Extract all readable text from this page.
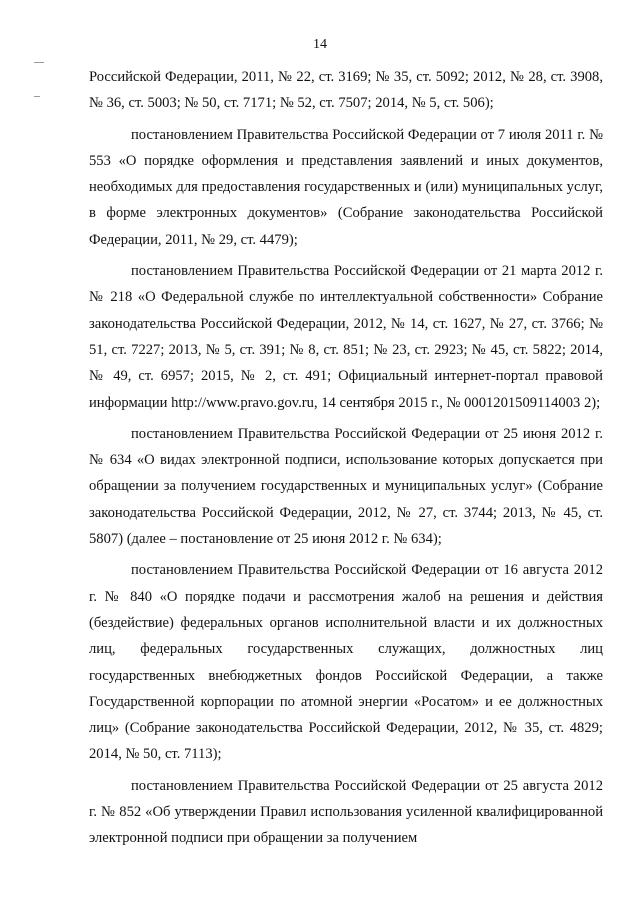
14

Российской Федерации, 2011, № 22, ст. 3169; № 35, ст. 5092; 2012, № 28, ст. 3908, № 36, ст. 5003; № 50, ст. 7171; № 52, ст. 7507; 2014, № 5, ст. 506);

постановлением Правительства Российской Федерации от 7 июля 2011 г. № 553 «О порядке оформления и представления заявлений и иных документов, необходимых для предоставления государственных и (или) муниципальных услуг, в форме электронных документов» (Собрание законодательства Российской Федерации, 2011, № 29, ст. 4479);

постановлением Правительства Российской Федерации от 21 марта 2012 г. № 218 «О Федеральной службе по интеллектуальной собственности» Собрание законодательства Российской Федерации, 2012, № 14, ст. 1627, № 27, ст. 3766; № 51, ст. 7227; 2013, № 5, ст. 391; № 8, ст. 851; № 23, ст. 2923; № 45, ст. 5822; 2014, № 49, ст. 6957; 2015, № 2, ст. 491; Официальный интернет-портал правовой информации http://www.pravo.gov.ru, 14 сентября 2015 г., № 0001201509114003 2);

постановлением Правительства Российской Федерации от 25 июня 2012 г. № 634 «О видах электронной подписи, использование которых допускается при обращении за получением государственных и муниципальных услуг» (Собрание законодательства Российской Федерации, 2012, № 27, ст. 3744; 2013, № 45, ст. 5807) (далее – постановление от 25 июня 2012 г. № 634);

постановлением Правительства Российской Федерации от 16 августа 2012 г. № 840 «О порядке подачи и рассмотрения жалоб на решения и действия (бездействие) федеральных органов исполнительной власти и их должностных лиц, федеральных государственных служащих, должностных лиц государственных внебюджетных фондов Российской Федерации, а также Государственной корпорации по атомной энергии «Росатом» и ее должностных лиц» (Собрание законодательства Российской Федерации, 2012, № 35, ст. 4829; 2014, № 50, ст. 7113);

постановлением Правительства Российской Федерации от 25 августа 2012 г. № 852 «Об утверждении Правил использования усиленной квалифицированной электронной подписи при обращении за получением
